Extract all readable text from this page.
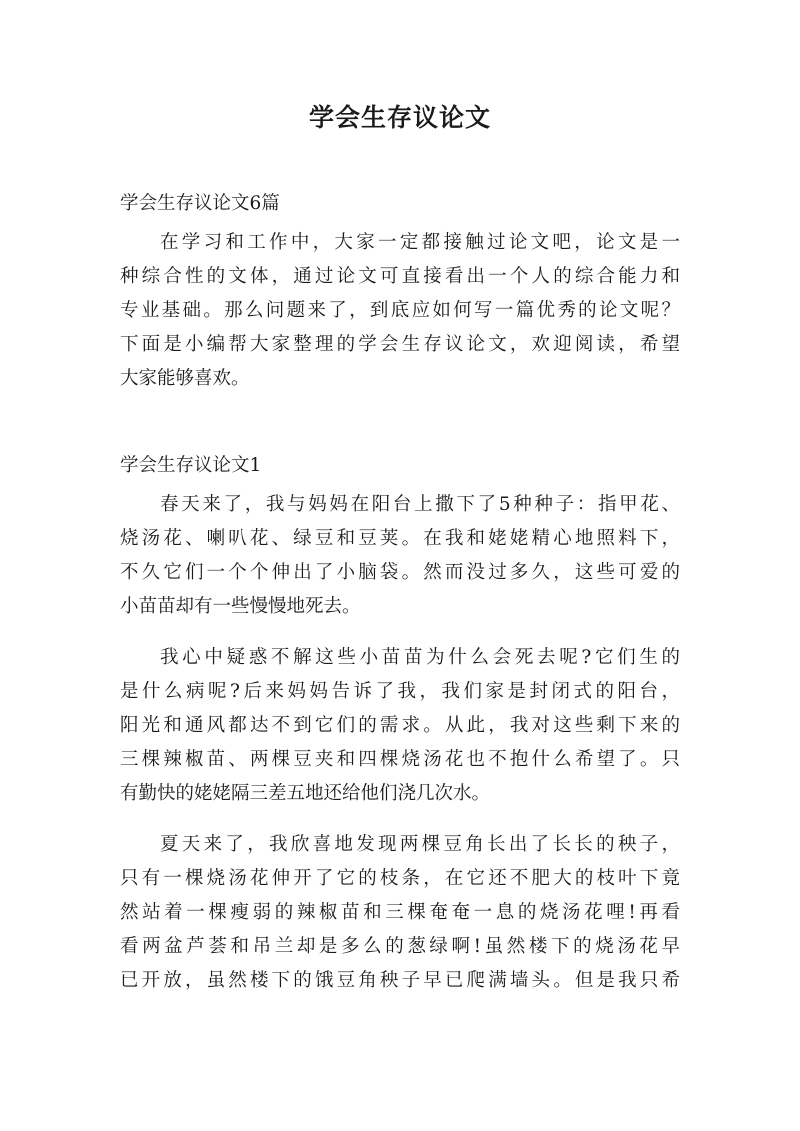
学会生存议论文
学会生存议论文6篇
在学习和工作中，大家一定都接触过论文吧，论文是一
种综合性的文体，通过论文可直接看出一个人的综合能力和
专业基础。那么问题来了，到底应如何写一篇优秀的论文呢？
下面是小编帮大家整理的学会生存议论文，欢迎阅读，希望
大家能够喜欢。
学会生存议论文1
春天来了，我与妈妈在阳台上撒下了5种种子：指甲花、
烧汤花、喇叭花、绿豆和豆荚。在我和姥姥精心地照料下，
不久它们一个个伸出了小脑袋。然而没过多久，这些可爱的
小苗苗却有一些慢慢地死去。
我心中疑惑不解这些小苗苗为什么会死去呢?它们生的
是什么病呢?后来妈妈告诉了我，我们家是封闭式的阳台，
阳光和通风都达不到它们的需求。从此，我对这些剩下来的
三棵辣椒苗、两棵豆夹和四棵烧汤花也不抱什么希望了。只
有勤快的姥姥隔三差五地还给他们浇几次水。
夏天来了，我欣喜地发现两棵豆角长出了长长的秧子，
只有一棵烧汤花伸开了它的枝条，在它还不肥大的枝叶下竟
然站着一棵瘦弱的辣椒苗和三棵奄奄一息的烧汤花哩!再看
看两盆芦荟和吊兰却是多么的葱绿啊!虽然楼下的烧汤花早
已开放，虽然楼下的饿豆角秧子早已爬满墙头。但是我只希
